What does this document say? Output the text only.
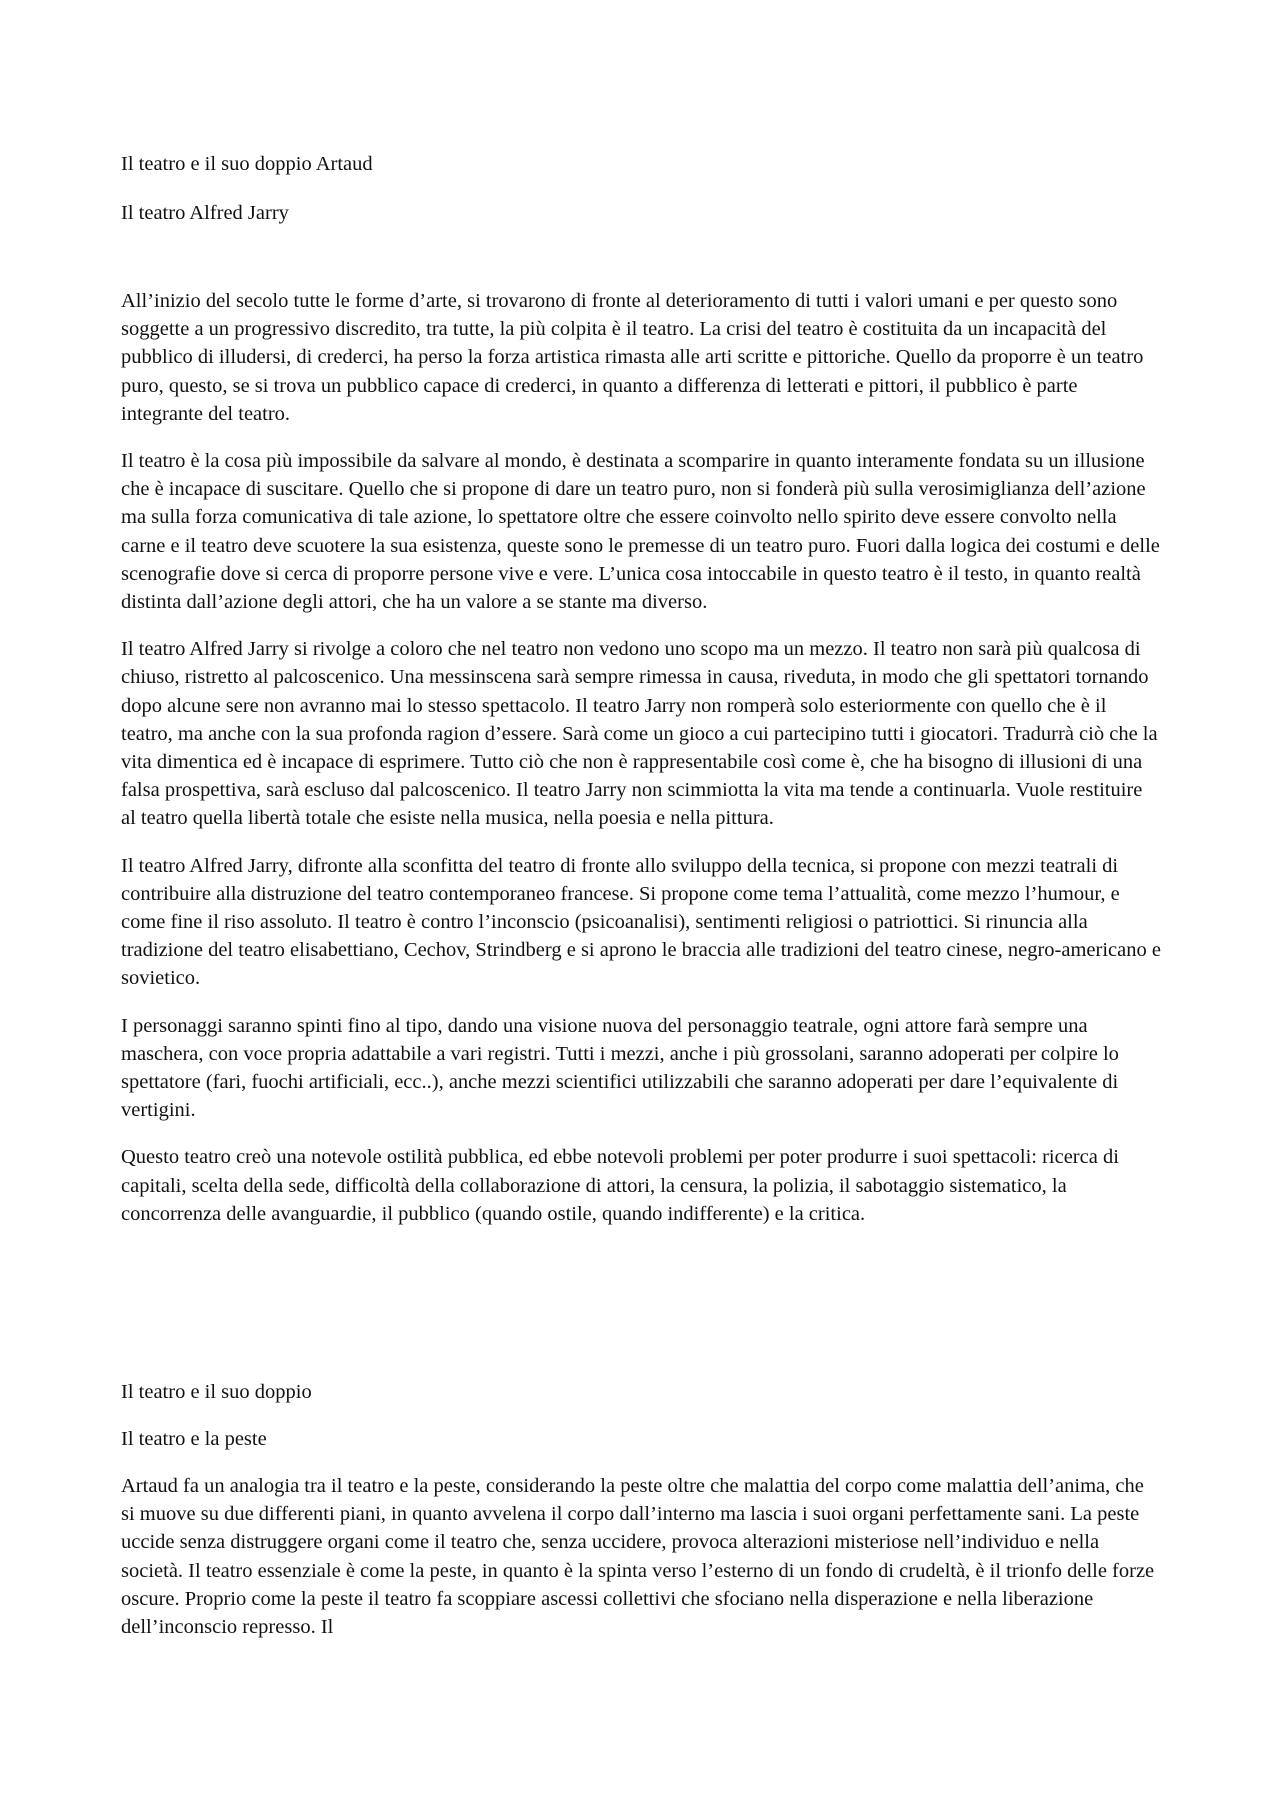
Il teatro e il suo doppio Artaud

Il teatro Alfred Jarry

All’inizio del secolo tutte le forme d’arte, si trovarono di fronte al deterioramento di tutti i valori umani e per questo sono soggette a un progressivo discredito, tra tutte, la più colpita è il teatro. La crisi del teatro è costituita da un incapacità del pubblico di illudersi, di crederci, ha perso la forza artistica rimasta alle arti scritte e pittoriche. Quello da proporre è un teatro puro, questo, se si trova un pubblico capace di crederci, in quanto a differenza di letterati e pittori, il pubblico è parte integrante del teatro.

Il teatro è la cosa più impossibile da salvare al mondo, è destinata a scomparire in quanto interamente fondata su un illusione che è incapace di suscitare. Quello che si propone di dare un teatro puro, non si fonderà più sulla verosimiglianza dell’azione ma sulla forza comunicativa di tale azione, lo spettatore oltre che essere coinvolto nello spirito deve essere convolto nella carne e il teatro deve scuotere la sua esistenza, queste sono le premesse di un teatro puro. Fuori dalla logica dei costumi e delle scenografie dove si cerca di proporre persone vive e vere. L’unica cosa intoccabile in questo teatro è il testo, in quanto realtà distinta dall’azione degli attori, che ha un valore a se stante ma diverso.

Il teatro Alfred Jarry si rivolge a coloro che nel teatro non vedono uno scopo ma un mezzo. Il teatro non sarà più qualcosa di chiuso, ristretto al palcoscenico. Una messinscena sarà sempre rimessa in causa, riveduta, in modo che gli spettatori tornando dopo alcune sere non avranno mai lo stesso spettacolo. Il teatro Jarry non romperà solo esteriormente con quello che è il teatro, ma anche con la sua profonda ragion d’essere. Sarà come un gioco a cui partecipino tutti i giocatori. Tradurrà ciò che la vita dimentica ed è incapace di esprimere. Tutto ciò che non è rappresentabile così come è, che ha bisogno di illusioni di una falsa prospettiva, sarà escluso dal palcoscenico. Il teatro Jarry non scimmiotta la vita ma tende a continuarla. Vuole restituire al teatro quella libertà totale che esiste nella musica, nella poesia e nella pittura.

Il teatro Alfred Jarry, difronte alla sconfitta del teatro di fronte allo sviluppo della tecnica, si propone con mezzi teatrali di contribuire alla distruzione del teatro contemporaneo francese. Si propone come tema l’attualità, come mezzo l’humour, e come fine il riso assoluto. Il teatro è contro l’inconscio (psicoanalisi), sentimenti religiosi o patriottici. Si rinuncia alla tradizione del teatro elisabettiano, Cechov, Strindberg e si aprono le braccia alle tradizioni del teatro cinese, negro-americano e sovietico.

I personaggi saranno spinti fino al tipo, dando una visione nuova del personaggio teatrale, ogni attore farà sempre una maschera, con voce propria adattabile a vari registri. Tutti i mezzi, anche i più grossolani, saranno adoperati per colpire lo spettatore (fari, fuochi artificiali, ecc..), anche mezzi scientifici utilizzabili che saranno adoperati per dare l’equivalente di vertigini.

Questo teatro creò una notevole ostilità pubblica, ed ebbe notevoli problemi per poter produrre i suoi spettacoli: ricerca di capitali, scelta della sede, difficoltà della collaborazione di attori, la censura, la polizia, il sabotaggio sistematico, la concorrenza delle avanguardie, il pubblico (quando ostile, quando indifferente) e la critica.

Il teatro e il suo doppio

Il teatro e la peste

Artaud fa un analogia tra il teatro e la peste, considerando la peste oltre che malattia del corpo come malattia dell’anima, che si muove su due differenti piani, in quanto avvelena il corpo dall’interno ma lascia i suoi organi perfettamente sani. La peste uccide senza distruggere organi come il teatro che, senza uccidere, provoca alterazioni misteriose nell’individuo e nella società. Il teatro essenziale è come la peste, in quanto è la spinta verso l’esterno di un fondo di crudeltà, è il trionfo delle forze oscure. Proprio come la peste il teatro fa scoppiare ascessi collettivi che sfociano nella disperazione e nella liberazione dell’inconscio represso. Il
